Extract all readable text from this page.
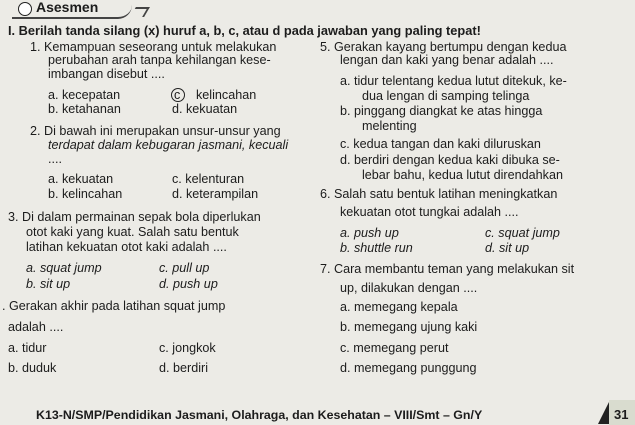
Asesmen
I. Berilah tanda silang (x) huruf a, b, c, atau d pada jawaban yang paling tepat!
1. Kemampuan seseorang untuk melakukan
perubahan arah tanpa kehilangan kese-
imbangan disebut ....
a. kecepatan	c kelincahan
b. ketahanan	d. kekuatan
2. Di bawah ini merupakan unsur-unsur yang
terdapat dalam kebugaran jasmani, kecuali
....
a. kekuatan	c. kelenturan
b. kelincahan	d. keterampilan
3. Di dalam permainan sepak bola diperlukan
otot kaki yang kuat. Salah satu bentuk
latihan kekuatan otot kaki adalah ....
a. squat jump	c. pull up
b. sit up	d. push up
. Gerakan akhir pada latihan squat jump
adalah ....
a. tidur	c. jongkok
b. duduk	d. berdiri
5. Gerakan kayang bertumpu dengan kedua
lengan dan kaki yang benar adalah ....
a. tidur telentang kedua lutut ditekuk, ke-
dua lengan di samping telinga
b. pinggang diangkat ke atas hingga
melenting
c. kedua tangan dan kaki diluruskan
d. berdiri dengan kedua kaki dibuka se-
lebar bahu, kedua lutut direndahkan
6. Salah satu bentuk latihan meningkatkan
kekuatan otot tungkai adalah ....
a. push up	c. squat jump
b. shuttle run	d. sit up
7. Cara membantu teman yang melakukan sit
up, dilakukan dengan ....
a. memegang kepala
b. memegang ujung kaki
c. memegang perut
d. memegang punggung
K13-N/SMP/Pendidikan Jasmani, Olahraga, dan Kesehatan – VIII/Smt – Gn/Y	31
